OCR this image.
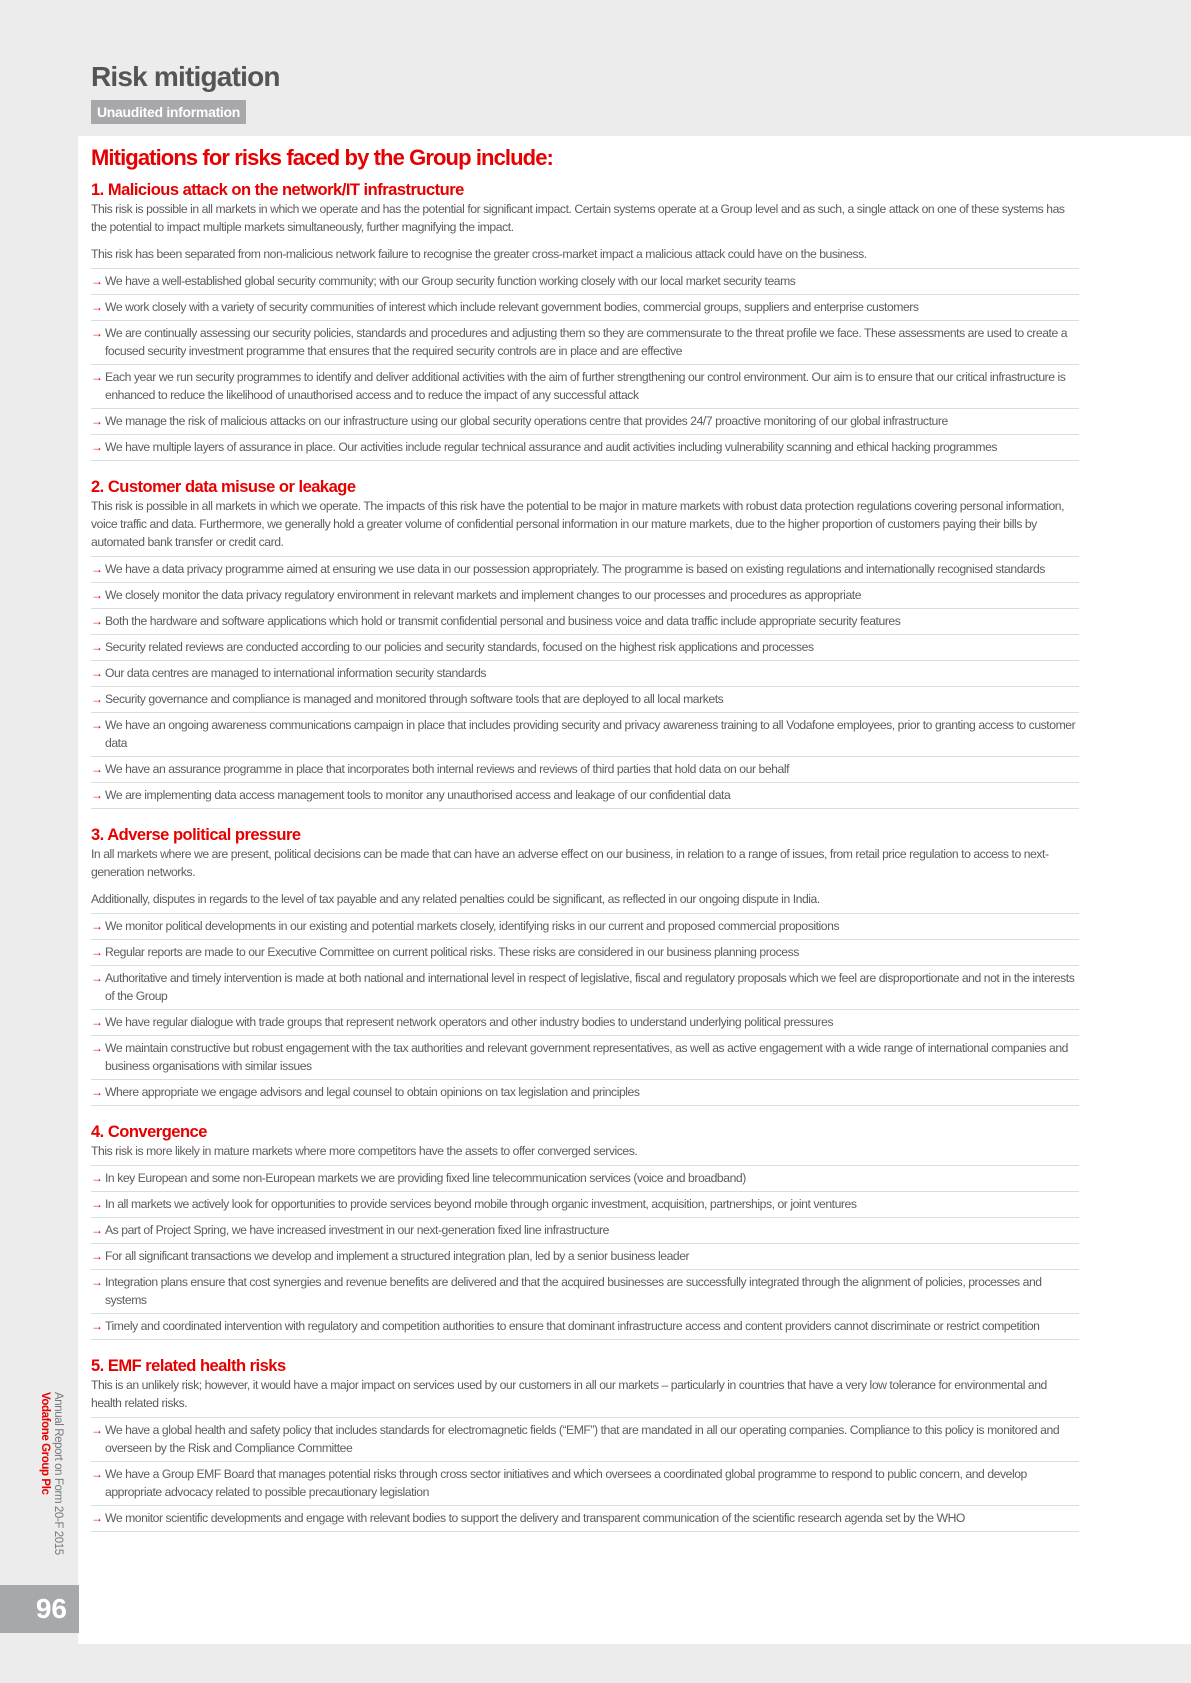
Risk mitigation
Unaudited information
Mitigations for risks faced by the Group include:
1. Malicious attack on the network/IT infrastructure

This risk is possible in all markets in which we operate and has the potential for significant impact. Certain systems operate at a Group level and as such, a single attack on one of these systems has the potential to impact multiple markets simultaneously, further magnifying the impact.

This risk has been separated from non-malicious network failure to recognise the greater cross-market impact a malicious attack could have on the business.

→ We have a well-established global security community; with our Group security function working closely with our local market security teams
→ We work closely with a variety of security communities of interest which include relevant government bodies, commercial groups, suppliers and enterprise customers
→ We are continually assessing our security policies, standards and procedures and adjusting them so they are commensurate to the threat profile we face. These assessments are used to create a focused security investment programme that ensures that the required security controls are in place and are effective
→ Each year we run security programmes to identify and deliver additional activities with the aim of further strengthening our control environment. Our aim is to ensure that our critical infrastructure is enhanced to reduce the likelihood of unauthorised access and to reduce the impact of any successful attack
→ We manage the risk of malicious attacks on our infrastructure using our global security operations centre that provides 24/7 proactive monitoring of our global infrastructure
→ We have multiple layers of assurance in place. Our activities include regular technical assurance and audit activities including vulnerability scanning and ethical hacking programmes
2. Customer data misuse or leakage

This risk is possible in all markets in which we operate. The impacts of this risk have the potential to be major in mature markets with robust data protection regulations covering personal information, voice traffic and data. Furthermore, we generally hold a greater volume of confidential personal information in our mature markets, due to the higher proportion of customers paying their bills by automated bank transfer or credit card.

→ We have a data privacy programme aimed at ensuring we use data in our possession appropriately. The programme is based on existing regulations and internationally recognised standards
→ We closely monitor the data privacy regulatory environment in relevant markets and implement changes to our processes and procedures as appropriate
→ Both the hardware and software applications which hold or transmit confidential personal and business voice and data traffic include appropriate security features
→ Security related reviews are conducted according to our policies and security standards, focused on the highest risk applications and processes
→ Our data centres are managed to international information security standards
→ Security governance and compliance is managed and monitored through software tools that are deployed to all local markets
→ We have an ongoing awareness communications campaign in place that includes providing security and privacy awareness training to all Vodafone employees, prior to granting access to customer data
→ We have an assurance programme in place that incorporates both internal reviews and reviews of third parties that hold data on our behalf
→ We are implementing data access management tools to monitor any unauthorised access and leakage of our confidential data
3. Adverse political pressure

In all markets where we are present, political decisions can be made that can have an adverse effect on our business, in relation to a range of issues, from retail price regulation to access to next-generation networks.

Additionally, disputes in regards to the level of tax payable and any related penalties could be significant, as reflected in our ongoing dispute in India.

→ We monitor political developments in our existing and potential markets closely, identifying risks in our current and proposed commercial propositions
→ Regular reports are made to our Executive Committee on current political risks. These risks are considered in our business planning process
→ Authoritative and timely intervention is made at both national and international level in respect of legislative, fiscal and regulatory proposals which we feel are disproportionate and not in the interests of the Group
→ We have regular dialogue with trade groups that represent network operators and other industry bodies to understand underlying political pressures
→ We maintain constructive but robust engagement with the tax authorities and relevant government representatives, as well as active engagement with a wide range of international companies and business organisations with similar issues
→ Where appropriate we engage advisors and legal counsel to obtain opinions on tax legislation and principles
4. Convergence

This risk is more likely in mature markets where more competitors have the assets to offer converged services.

→ In key European and some non-European markets we are providing fixed line telecommunication services (voice and broadband)
→ In all markets we actively look for opportunities to provide services beyond mobile through organic investment, acquisition, partnerships, or joint ventures
→ As part of Project Spring, we have increased investment in our next-generation fixed line infrastructure
→ For all significant transactions we develop and implement a structured integration plan, led by a senior business leader
→ Integration plans ensure that cost synergies and revenue benefits are delivered and that the acquired businesses are successfully integrated through the alignment of policies, processes and systems
→ Timely and coordinated intervention with regulatory and competition authorities to ensure that dominant infrastructure access and content providers cannot discriminate or restrict competition
5. EMF related health risks

This is an unlikely risk; however, it would have a major impact on services used by our customers in all our markets – particularly in countries that have a very low tolerance for environmental and health related risks.

→ We have a global health and safety policy that includes standards for electromagnetic fields (“EMF”) that are mandated in all our operating companies. Compliance to this policy is monitored and overseen by the Risk and Compliance Committee
→ We have a Group EMF Board that manages potential risks through cross sector initiatives and which oversees a coordinated global programme to respond to public concern, and develop appropriate advocacy related to possible precautionary legislation
→ We monitor scientific developments and engage with relevant bodies to support the delivery and transparent communication of the scientific research agenda set by the WHO
Annual Report on Form 20-F 2015
Vodafone Group Plc
96
